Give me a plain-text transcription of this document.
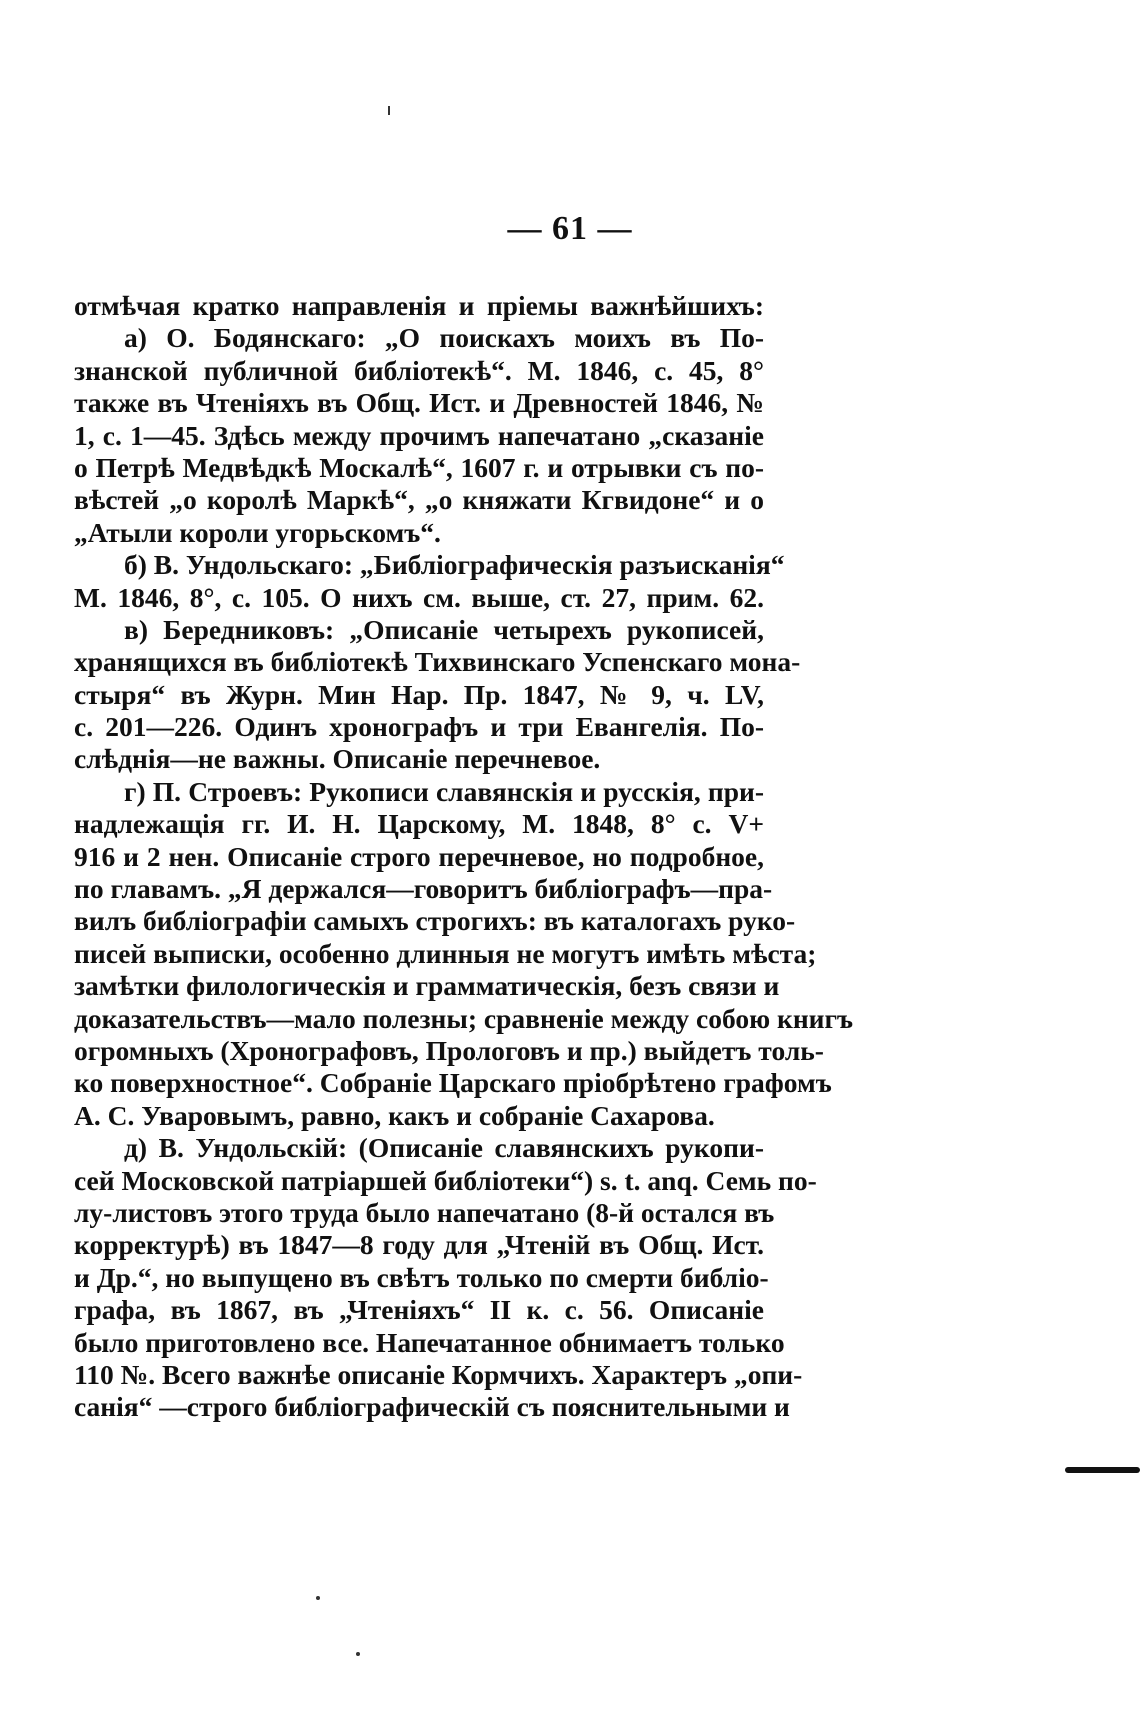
— 61 —
отмѣчая кратко направленія и пріемы важнѣйшихъ:
а) О. Бодянскаго: „О поискахъ моихъ въ По-
знанской публичной библіотекѣ“. М. 1846, с. 45, 8°
также въ Чтеніяхъ въ Общ. Ист. и Древностей 1846, №
1, с. 1—45. Здѣсь между прочимъ напечатано „сказаніе
о Петрѣ Медвѣдкѣ Москалѣ“, 1607 г. и отрывки съ по-
вѣстей „о королѣ Маркѣ“, „о княжати Кгвидоне“ и о
„Атыли короли угорьскомъ“.
б) В. Ундольскаго: „Библіографическія разъисканія“
М. 1846, 8°, с. 105. О нихъ см. выше, ст. 27, прим. 62.
в) Бередниковъ: „Описаніе четырехъ рукописей,
хранящихся въ библіотекѣ Тихвинскаго Успенскаго мона-
стыря“ въ Журн. Мин Нар. Пр. 1847, № 9, ч. LV,
с. 201—226. Одинъ хронографъ и три Евангелія. По-
слѣднія—не важны. Описаніе перечневое.
г) П. Строевъ: Рукописи славянскія и русскія, при-
надлежащія гг. И. Н. Царскому, М. 1848, 8° с. V+
916 и 2 нен. Описаніе строго перечневое, но подробное,
по главамъ. „Я держался—говоритъ библіографъ—пра-
вилъ библіографіи самыхъ строгихъ: въ каталогахъ руко-
писей выписки, особенно длинныя не могутъ имѣть мѣста;
замѣтки филологическія и грамматическія, безъ связи и
доказательствъ—мало полезны; сравненіе между собою книгъ
огромныхъ (Хронографовъ, Прологовъ и пр.) выйдетъ толь-
ко поверхностное“. Собраніе Царскаго пріобрѣтено графомъ
А. С. Уваровымъ, равно, какъ и собраніе Сахарова.
д) В. Ундольскій: (Описаніе славянскихъ рукопи-
сей Московской патріаршей библіотеки“) s. t. anq. Семь по-
лу-листовъ этого труда было напечатано (8-й остался въ
корректурѣ) въ 1847—8 году для „Чтеній въ Общ. Ист.
и Др.“, но выпущено въ свѣтъ только по смерти библіо-
графа, въ 1867, въ „Чтеніяхъ“ II к. с. 56. Описаніе
было приготовлено все. Напечатанное обнимаетъ только
110 №. Всего важнѣе описаніе Кормчихъ. Характеръ „опи-
санія“ —строго библіографическій съ пояснительными и
